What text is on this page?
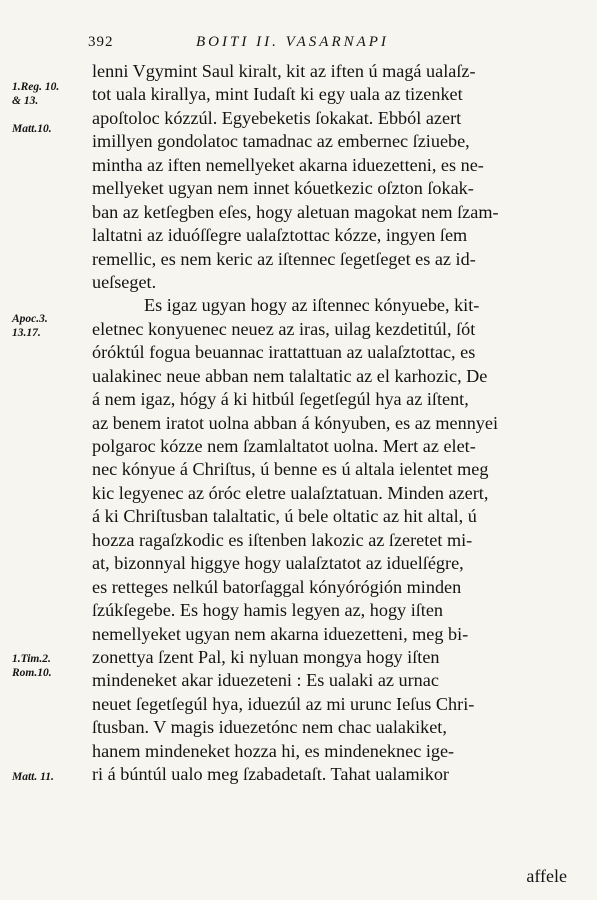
392	BOITI II. VASARNAPI
1.Reg. 10.
& 13.
Matt.10.
Apoc.3.
13.17.
1.Tim.2.
Rom.10.
Matt. 11.
lenni Vgymint Saul kiralt, kit az iften ú magá ualaſz-
tot uala kirallya, mint Iudaſt ki egy uala az tizenket
apoſtoloc kózzúl. Egyebeketis ſokakat. Ebból azert
imillyen gondolatoc tamadnac az embernec ſziuebe,
mintha az iften nemellyeket akarna iduezetteni, es ne-
mellyeket ugyan nem innet kóuetkezic oſzton ſokak-
ban az ketſegben eſes, hogy aletuan magokat nem ſzam-
laltatni az iduóſſegre ualaſztottac kózze, ingyen ſem
remellic, es nem keric az iſtennec ſegetſeget es az id-
ueſseget.
Es igaz ugyan hogy az iſtennec kónyuebe, kit-
eletnec konyuenec neuez az iras, uilag kezdetitúl, ſót
óróktúl fogua beuannac irattattuan az ualaſztottac, es
ualakinec neue abban nem talaltatic az el karhozic, De
á nem igaz, hógy á ki hitbúl ſegetſegúl hya az iſtent,
az benem iratot uolna abban á kónyuben, es az mennyei
polgaroc kózze nem ſzamlaltatot uolna. Mert az elet-
nec kónyue á Chriſtus, ú benne es ú altala ielentet meg
kic legyenec az óróc eletre ualaſztatuan. Minden azert,
á ki Chriſtusban talaltatic, ú bele oltatic az hit altal, ú
hozza ragaſzkodic es iſtenben lakozic az ſzeretet mi-
at, bizonnyal higgye hogy ualaſztatot az iduelſégre,
es retteges nelkúl batorſaggal kónyórógión minden
ſzúkſegebe. Es hogy hamis legyen az, hogy iſten
nemellyeket ugyan nem akarna iduezetteni, meg bi-
zonettya ſzent Pal, ki nyluan mongya hogy iſten
mindeneket akar iduezeteni : Es ualaki az urnac
neuet ſegetſegúl hya, iduezúl az mi urunc Ieſus Chri-
ſtusban. V magis iduezetónc nem chac ualakiket,
hanem mindeneket hozza hi, es mindeneknec ige-
ri á búntúl ualo meg ſzabadetaſt. Tahat ualamikor
affele
